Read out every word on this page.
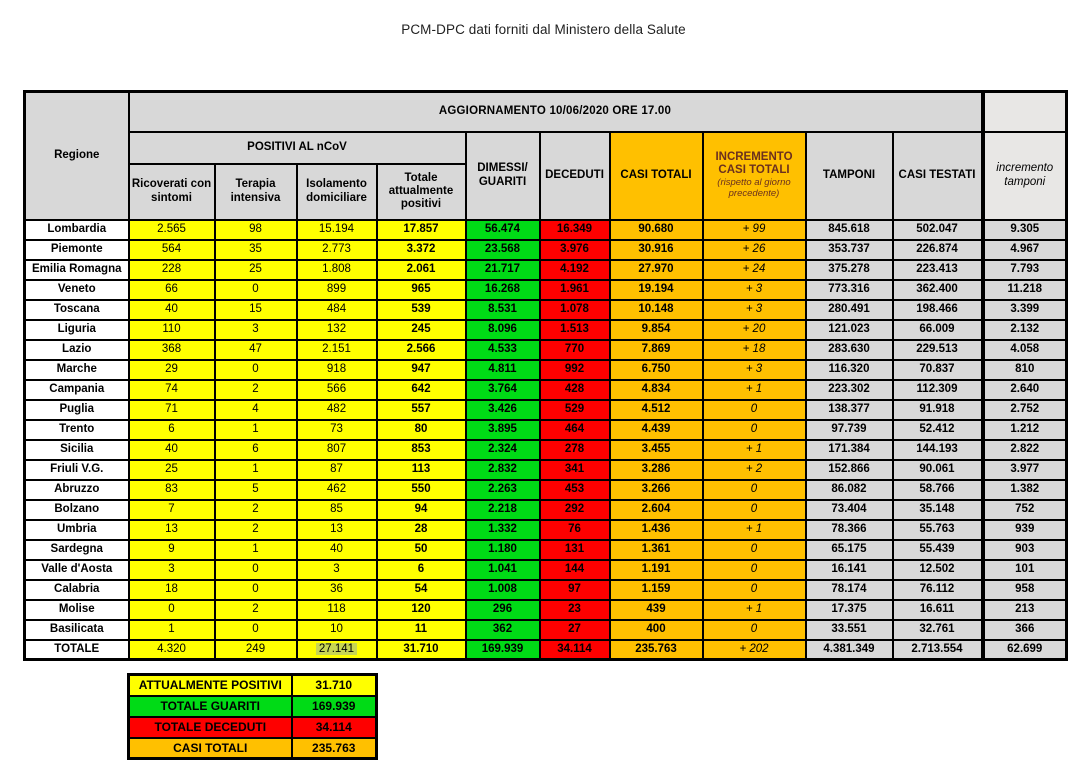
PCM-DPC dati forniti dal Ministero della Salute
Regione	AGGIORNAMENTO 10/06/2020 ORE 17.00										
	POSITIVI AL nCoV				DIMESSI/ GUARITI	DECEDUTI	CASI TOTALI	INCREMENTO CASI TOTALI
(rispetto al giorno precedente)	TAMPONI	CASI TESTATI	incremento tamponi
	Ricoverati con sintomi	Terapia intensiva	Isolamento domiciliare	Totale attualmente positivi							
Lombardia	2.565	98	15.194	17.857	56.474	16.349	90.680	+ 99	845.618	502.047	9.305
Piemonte	564	35	2.773	3.372	23.568	3.976	30.916	+ 26	353.737	226.874	4.967
Emilia Romagna	228	25	1.808	2.061	21.717	4.192	27.970	+ 24	375.278	223.413	7.793
Veneto	66	0	899	965	16.268	1.961	19.194	+ 3	773.316	362.400	11.218
Toscana	40	15	484	539	8.531	1.078	10.148	+ 3	280.491	198.466	3.399
Liguria	110	3	132	245	8.096	1.513	9.854	+ 20	121.023	66.009	2.132
Lazio	368	47	2.151	2.566	4.533	770	7.869	+ 18	283.630	229.513	4.058
Marche	29	0	918	947	4.811	992	6.750	+ 3	116.320	70.837	810
Campania	74	2	566	642	3.764	428	4.834	+ 1	223.302	112.309	2.640
Puglia	71	4	482	557	3.426	529	4.512	0	138.377	91.918	2.752
Trento	6	1	73	80	3.895	464	4.439	0	97.739	52.412	1.212
Sicilia	40	6	807	853	2.324	278	3.455	+ 1	171.384	144.193	2.822
Friuli V.G.	25	1	87	113	2.832	341	3.286	+ 2	152.866	90.061	3.977
Abruzzo	83	5	462	550	2.263	453	3.266	0	86.082	58.766	1.382
Bolzano	7	2	85	94	2.218	292	2.604	0	73.404	35.148	752
Umbria	13	2	13	28	1.332	76	1.436	+ 1	78.366	55.763	939
Sardegna	9	1	40	50	1.180	131	1.361	0	65.175	55.439	903
Valle d'Aosta	3	0	3	6	1.041	144	1.191	0	16.141	12.502	101
Calabria	18	0	36	54	1.008	97	1.159	0	78.174	76.112	958
Molise	0	2	118	120	296	23	439	+ 1	17.375	16.611	213
Basilicata	1	0	10	11	362	27	400	0	33.551	32.761	366
TOTALE	4.320	249	27.141	31.710	169.939	34.114	235.763	+ 202	4.381.349	2.713.554	62.699
ATTUALMENTE POSITIVI	31.710
TOTALE GUARITI	169.939
TOTALE DECEDUTI	34.114
CASI TOTALI	235.763
